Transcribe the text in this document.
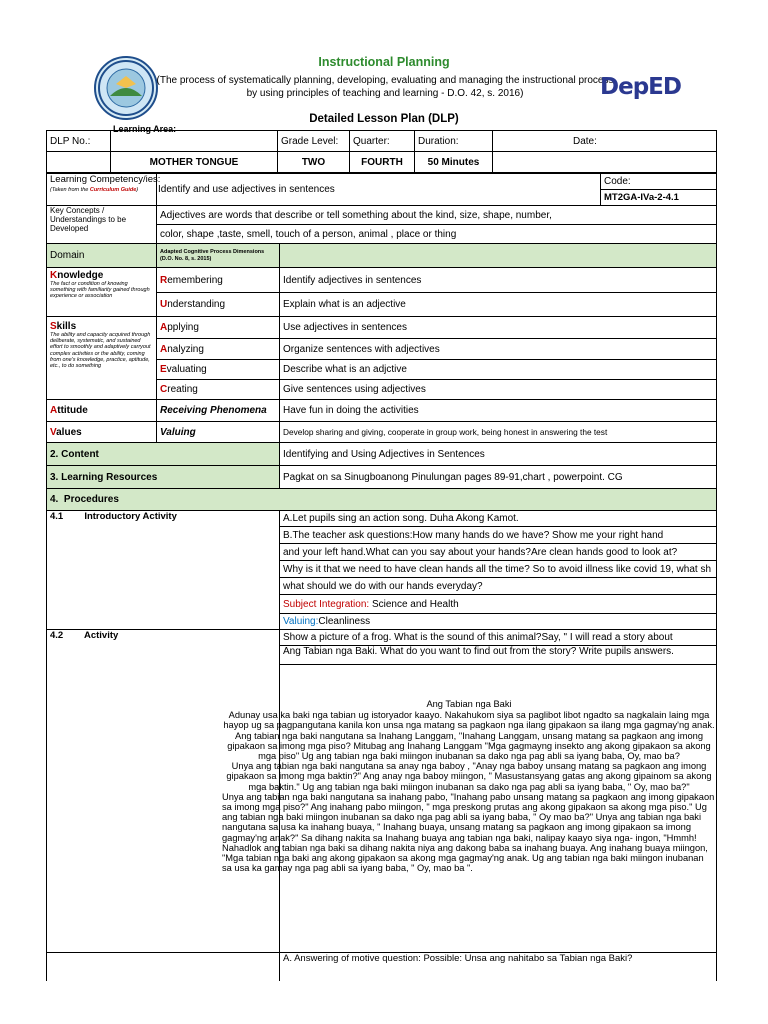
Instructional Planning
(The process of systematically planning, developing, evaluating and managing the instructional process by using principles of teaching and learning - D.O. 42, s. 2016)	DepED
Detailed Lesson Plan (DLP)
DLP No.:	Learning Area:	Grade Level:	Quarter:	Duration:	Date:
	MOTHER TONGUE	TWO	FOURTH	50 Minutes	
Learning Competency/ies:
(Taken from the Curriculum Guide)	Identify and use adjectives in sentences		Code:
			MT2GA-IVa-2-4.1
Key Concepts / Understandings to be Developed	Adjectives are words that describe or tell something about the kind, size, shape, number,		
	color, shape ,taste, smell, touch of a person, animal , place or thing		
Domain	Adapted Cognitive Process Dimensions (D.O. No. 8, s. 2015)		

Knowledge
The fact or condition of knowing something with familiarity gained through experience or association	Remembering	Identify adjectives in sentences	
	Understanding	Explain what is an adjective	

Skills
The ability and capacity acquired through deliberate, systematic, and sustained effort to smoothly and adaptively carryout complex activities or the ability, coming from one's knowledge, practice, aptitude, etc., to do something	Applying	Use adjectives in sentences	
	Analyzing	Organize sentences with adjectives	
	Evaluating	Describe what is an adjctive	
	Creating	Give sentences using adjectives	
Attitude	Receiving Phenomena	Have fun in doing the activities	
Values	Valuing	Develop sharing and giving, cooperate in group work, being honest in answering the test	
2. Content		Identifying and Using Adjectives in Sentences	
3. Learning Resources		Pagkat on sa Sinugboanong Pinulungan pages 89-91,chart , powerpoint. CG	
4.  Procedures			
4.1        Introductory Activity		A.Let pupils sing an action song. Duha Akong Kamot.	
		B.The teacher ask questions:How many hands do we have? Show me your right hand	
		and your left hand.What can you say about your hands?Are clean hands good to look at?	
		Why is it that we need to have clean hands all the time? So to avoid illness like covid 19, what sh	
		what should we do with our hands everyday?	
		Subject Integration: Science and Health	
		Valuing:Cleanliness	
4.2        Activity		Show a picture of a frog. What is the sound of this animal?Say, " I will read a story about	
		Ang Tabian nga Baki. What do you want to find out from the story? Write pupils answers.	

		A. Answering of motive question: Possible: Unsa ang nahitabo sa Tabian nga Baki?	

Ang Tabian nga Baki

Adunay usa ka baki nga tabian ug istoryador kaayo. Nakahukom siya sa paglibot libot ngadto sa nagkalain laing mga hayop ug sa pagpangutana kanila kon unsa nga matang sa pagkaon nga ilang gipakaon sa ilang mga gagmay'ng anak.

Ang tabian nga baki nangutana sa Inahang Langgam, "Inahang Langgam, unsang matang sa pagkaon ang imong gipakaon sa imong mga piso? Mitubag ang Inahang Langgam "Mga gagmayng insekto ang akong gipakaon sa akong mga piso" Ug ang tabian nga baki miingon inubanan sa dako nga pag abli sa iyang baba, Oy, mao ba?

Unya ang tabian nga baki nangutana sa anay nga baboy , "Anay nga baboy unsang matang sa pagkaon ang imong gipakaon sa imong mga baktin?" Ang anay nga baboy miingon, " Masustansyang gatas ang akong gipainom sa akong mga baktin." Ug ang tabian nga baki miingon inubanan sa dako nga pag abli sa iyang baba, " Oy, mao ba?"

Unya ang tabian nga baki nangutana sa inahang pabo, "Inahang pabo unsang matang sa pagkaon ang imong gipakaon sa imong mga piso?" Ang inahang pabo miingon, " mga preskong prutas ang akong gipakaon sa akong mga piso." Ug ang tabian nga baki miingon inubanan sa dako nga pag abli sa iyang baba, " Oy mao ba?" Unya ang tabian nga baki nangutana sa usa ka inahang buaya, " Inahang buaya, unsang matang sa pagkaon ang imong gipakaon sa imong gagmay'ng anak?" Sa dihang nakita sa Inahang buaya ang tabian nga baki, nalipay kaayo siya nga- ingon, "Hmmh! Nahadlok ang tabian nga baki sa dihang nakita niya ang dakong baba sa inahang buaya. Ang inahang buaya miingon, "Mga tabian nga baki ang akong gipakaon sa akong mga gagmay'ng anak. Ug ang tabian nga baki miingon inubanan sa usa ka gamay nga pag abli sa iyang baba, " Oy, mao ba ".
